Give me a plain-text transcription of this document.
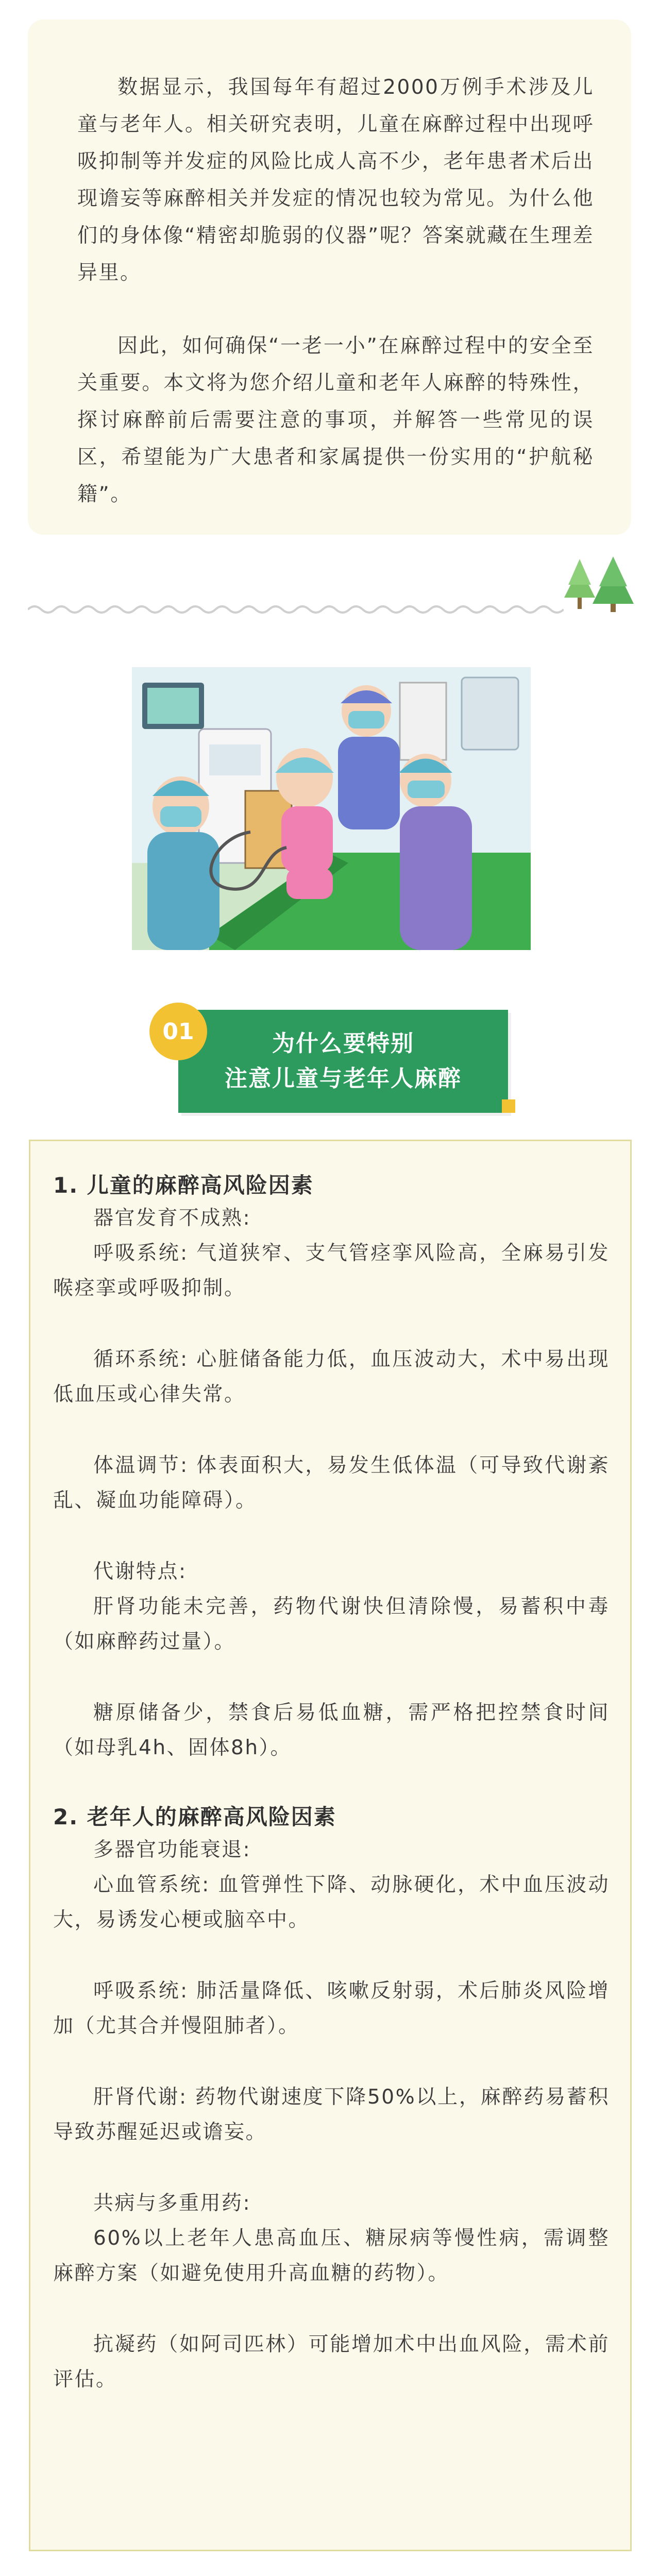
数据显示，我国每年有超过2000万例手术涉及儿童与老年人。相关研究表明，儿童在麻醉过程中出现呼吸抑制等并发症的风险比成人高不少，老年患者术后出现谵妄等麻醉相关并发症的情况也较为常见。为什么他们的身体像“精密却脆弱的仪器”呢？答案就藏在生理差异里。

因此，如何确保“一老一小”在麻醉过程中的安全至关重要。本文将为您介绍儿童和老年人麻醉的特殊性，探讨麻醉前后需要注意的事项，并解答一些常见的误区，希望能为广大患者和家属提供一份实用的“护航秘籍”。

为什么要特别
注意儿童与老年人麻醉
01
1. 儿童的麻醉高风险因素
器官发育不成熟:
呼吸系统: 气道狭窄、支气管痉挛风险高，全麻易引发喉痉挛或呼吸抑制。
循环系统: 心脏储备能力低，血压波动大，术中易出现低血压或心律失常。
体温调节: 体表面积大，易发生低体温（可导致代谢紊乱、凝血功能障碍）。
代谢特点:
肝肾功能未完善，药物代谢快但清除慢，易蓄积中毒（如麻醉药过量）。
糖原储备少，禁食后易低血糖，需严格把控禁食时间（如母乳4h、固体8h）。
2. 老年人的麻醉高风险因素
多器官功能衰退:
心血管系统: 血管弹性下降、动脉硬化，术中血压波动大，易诱发心梗或脑卒中。
呼吸系统: 肺活量降低、咳嗽反射弱，术后肺炎风险增加（尤其合并慢阻肺者）。
肝肾代谢: 药物代谢速度下降50%以上，麻醉药易蓄积导致苏醒延迟或谵妄。
共病与多重用药:
60%以上老年人患高血压、糖尿病等慢性病，需调整麻醉方案（如避免使用升高血糖的药物）。
抗凝药（如阿司匹林）可能增加术中出血风险，需术前评估。
